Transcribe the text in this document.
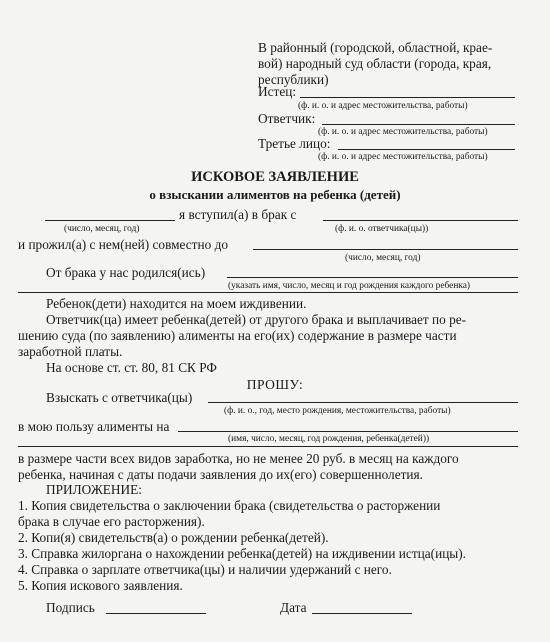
В районный (городской, областной, крае-
вой) народный суд области (города, края,
республики)
Истец:
(ф. и. о. и адрес местожительства, работы)
Ответчик:
(ф. и. о. и адрес местожительства, работы)
Третье лицо:
(ф. и. о. и адрес местожительства, работы)
ИСКОВОЕ ЗАЯВЛЕНИЕ
о взыскании алиментов на ребенка (детей)
я вступил(а) в брак с
(число, месяц, год)	(ф. и. о. ответчика(цы))
и прожил(а) с нем(ней) совместно до
(число, месяц, год)
От брака у нас родился(ись)
(указать имя, число, месяц и год рождения каждого ребенка)
Ребенок(дети) находится на моем иждивении.
Ответчик(ца) имеет ребенка(детей) от другого брака и выплачивает по ре-
шению суда (по заявлению) алименты на его(их) содержание в размере части
заработной платы.
На основе ст. ст. 80, 81 СК РФ
ПРОШУ:
Взыскать с ответчика(цы)
(ф. и. о., год, место рождения, местожительства, работы)
в мою пользу алименты на
(имя, число, месяц, год рождения, ребенка(детей))
в размере части всех видов заработка, но не менее 20 руб. в месяц на каждого
ребенка, начиная с даты подачи заявления до их(его) совершеннолетия.
ПРИЛОЖЕНИЕ:
1. Копия свидетельства о заключении брака (свидетельства о расторжении
брака в случае его расторжения).
2. Копи(я) свидетельств(а) о рождении ребенка(детей).
3. Справка жилоргана о нахождении ребенка(детей) на иждивении истца(ицы).
4. Справка о зарплате ответчика(цы) и наличии удержаний с него.
5. Копия искового заявления.
Подпись	Дата
